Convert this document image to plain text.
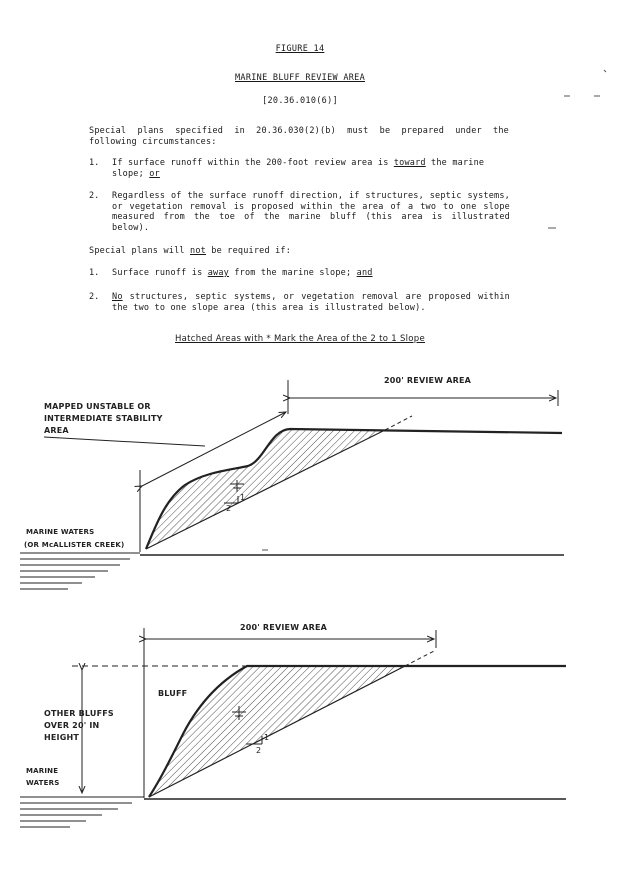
FIGURE 14
MARINE BLUFF REVIEW AREA
[20.36.010(6)]
Special plans specified in 20.36.030(2)(b) must be prepared under the following circumstances:
1. If surface runoff within the 200-foot review area is toward the marine slope; or
2. Regardless of the surface runoff direction, if structures, septic systems, or vegetation removal is proposed within the area of a two to one slope measured from the toe of the marine bluff (this area is illustrated below).
Special plans will not be required if:
1. Surface runoff is away from the marine slope; and
2. No structures, septic systems, or vegetation removal are proposed within the two to one slope area (this area is illustrated below).
Hatched Areas with * Mark the Area of the 2 to 1 Slope
200' REVIEW AREA
MAPPED UNSTABLE OR
INTERMEDIATE STABILITY
AREA
MARINE WATERS
(OR McALLISTER CREEK)
1
2
200' REVIEW AREA
BLUFF
OTHER BLUFFS
OVER 20' IN
HEIGHT
MARINE
WATERS
1
2
